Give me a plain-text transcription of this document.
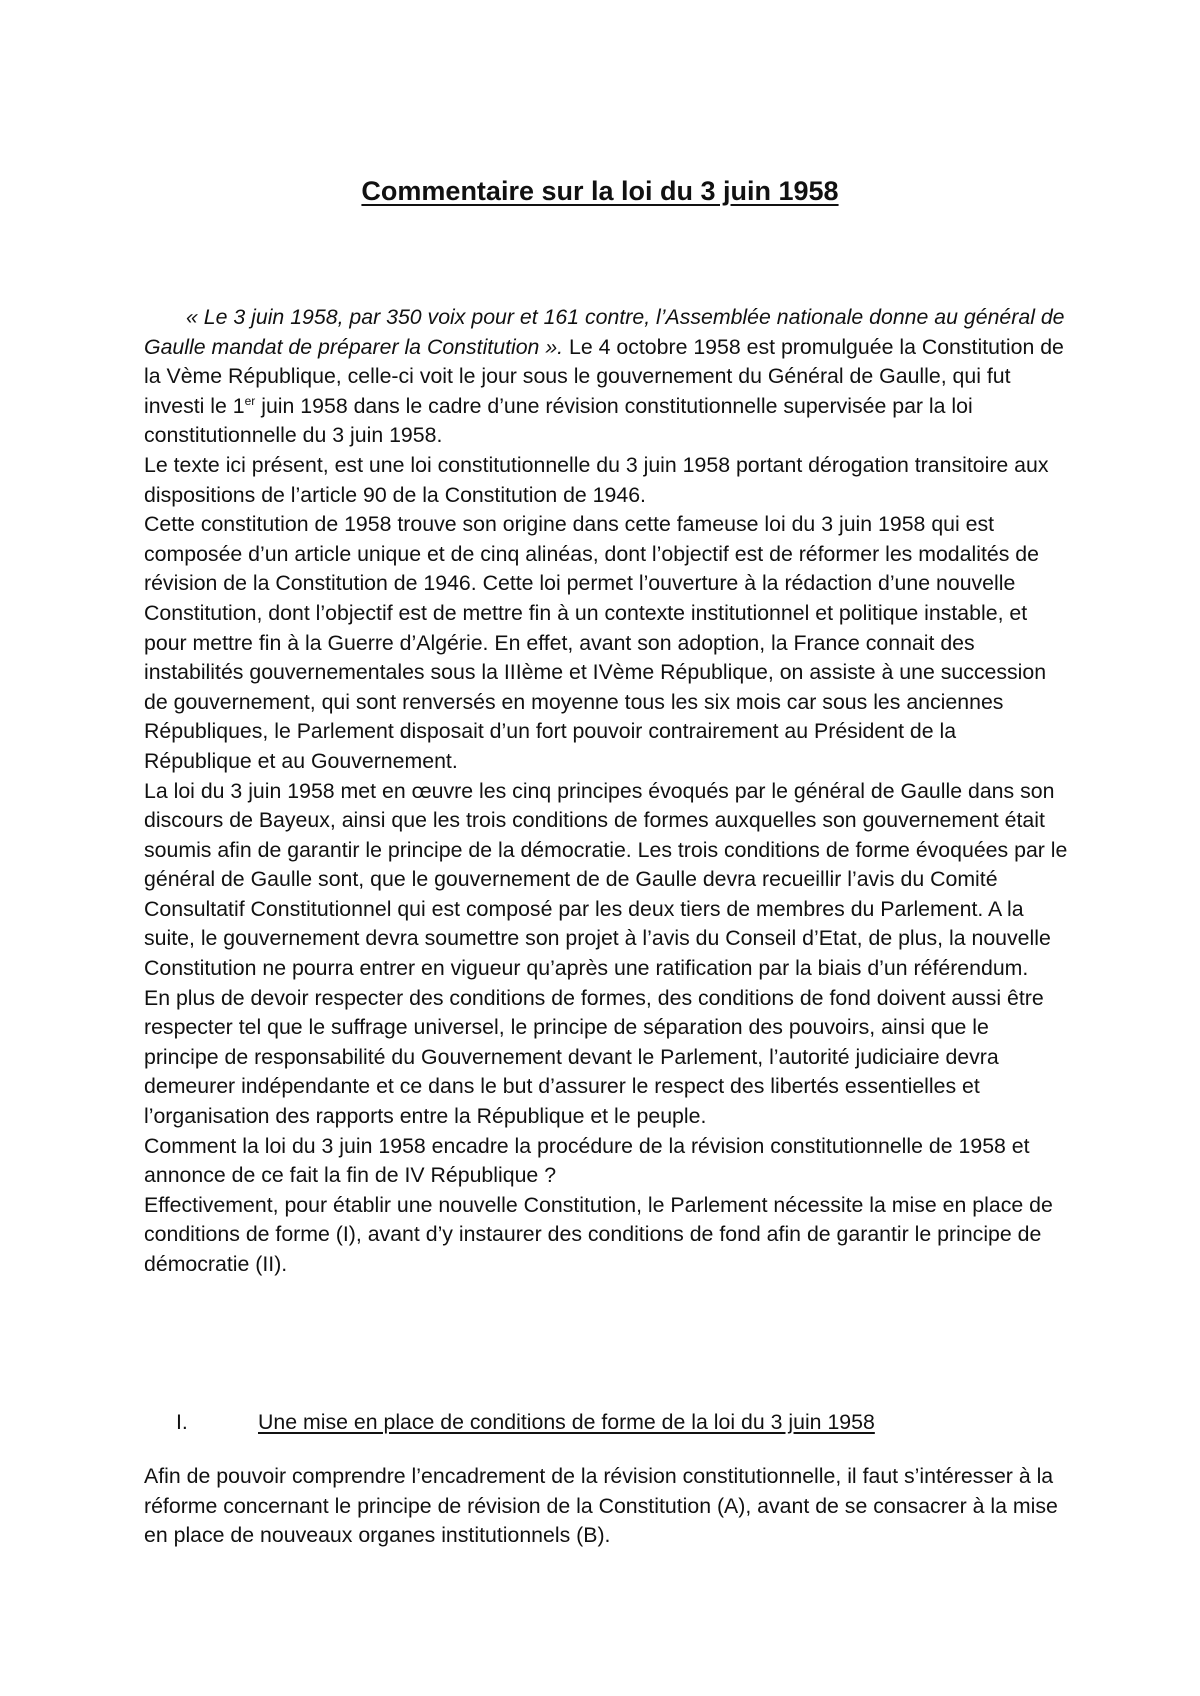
Commentaire sur la loi du 3 juin 1958

« Le 3 juin 1958, par 350 voix pour et 161 contre, l’Assemblée nationale donne au général de Gaulle mandat de préparer la Constitution ». Le 4 octobre 1958 est promulguée la Constitution de la Vème République, celle-ci voit le jour sous le gouvernement du Général de Gaulle, qui fut investi le 1er juin 1958 dans le cadre d’une révision constitutionnelle supervisée par la loi constitutionnelle du 3 juin 1958.

Le texte ici présent, est une loi constitutionnelle du 3 juin 1958 portant dérogation transitoire aux dispositions de l’article 90 de la Constitution de 1946.

Cette constitution de 1958 trouve son origine dans cette fameuse loi du 3 juin 1958 qui est composée d’un article unique et de cinq alinéas, dont l’objectif est de réformer les modalités de révision de la Constitution de 1946. Cette loi permet l’ouverture à la rédaction d’une nouvelle Constitution, dont l’objectif est de mettre fin à un contexte institutionnel et politique instable, et pour mettre fin à la Guerre d’Algérie. En effet, avant son adoption, la France connait des instabilités gouvernementales sous la IIIème et IVème République, on assiste à une succession de gouvernement, qui sont renversés en moyenne tous les six mois car sous les anciennes Républiques, le Parlement disposait d’un fort pouvoir contrairement au Président de la République et au Gouvernement.

La loi du 3 juin 1958 met en œuvre les cinq principes évoqués par le général de Gaulle dans son discours de Bayeux, ainsi que les trois conditions de formes auxquelles son gouvernement était soumis afin de garantir le principe de la démocratie. Les trois conditions de forme évoquées par le général de Gaulle sont, que le gouvernement de de Gaulle devra recueillir l’avis du Comité Consultatif Constitutionnel qui est composé par les deux tiers de membres du Parlement. A la suite, le gouvernement devra soumettre son projet à l’avis du Conseil d’Etat, de plus, la nouvelle Constitution ne pourra entrer en vigueur qu’après une ratification par la biais d’un référendum.

En plus de devoir respecter des conditions de formes, des conditions de fond doivent aussi être respecter tel que le suffrage universel, le principe de séparation des pouvoirs, ainsi que le principe de responsabilité du Gouvernement devant le Parlement, l’autorité judiciaire devra demeurer indépendante et ce dans le but d’assurer le respect des libertés essentielles et l’organisation des rapports entre la République et le peuple.

Comment la loi du 3 juin 1958 encadre la procédure de la révision constitutionnelle de 1958 et annonce de ce fait la fin de IV République ?

Effectivement, pour établir une nouvelle Constitution, le Parlement nécessite la mise en place de conditions de forme (I), avant d’y instaurer des conditions de fond afin de garantir le principe de démocratie (II).

I.	Une mise en place de conditions de forme de la loi du 3 juin 1958

Afin de pouvoir comprendre l’encadrement de la révision constitutionnelle, il faut s’intéresser à la réforme concernant le principe de révision de la Constitution (A), avant de se consacrer à la mise en place de nouveaux organes institutionnels (B).
